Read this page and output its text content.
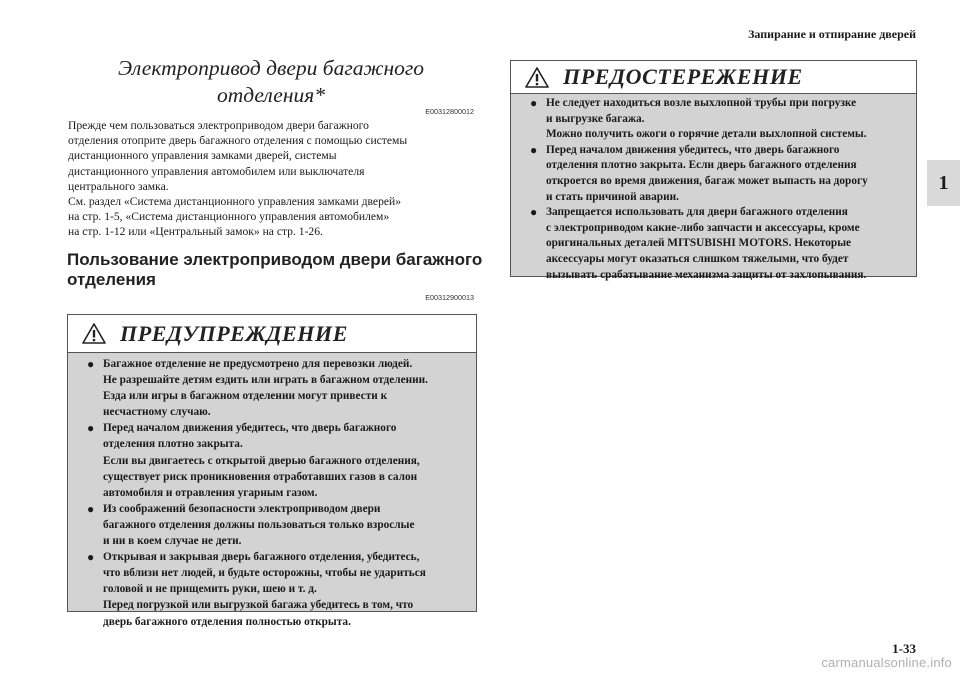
Запирание и отпирание дверей
1
Электропривод двери багажного
отделения*
E00312800012
Прежде чем пользоваться электроприводом двери багажного
отделения отоприте дверь багажного отделения с помощью системы
дистанционного управления замками дверей, системы
дистанционного управления автомобилем или выключателя
центрального замка.
См. раздел «Система дистанционного управления замками дверей»
на стр. 1-5, «Система дистанционного управления автомобилем»
на стр. 1-12 или «Центральный замок» на стр. 1-26.
Пользование электроприводом двери багажного
отделения
E00312900013
ПРЕДУПРЕЖДЕНИЕ
● Багажное отделение не предусмотрено для перевозки людей.
Не разрешайте детям ездить или играть в багажном отделении.
Езда или игры в багажном отделении могут привести к
несчастному случаю.
● Перед началом движения убедитесь, что дверь багажного
отделения плотно закрыта.
Если вы двигаетесь с открытой дверью багажного отделения,
существует риск проникновения отработавших газов в салон
автомобиля и отравления угарным газом.
● Из соображений безопасности электроприводом двери
багажного отделения должны пользоваться только взрослые
и ни в коем случае не дети.
● Открывая и закрывая дверь багажного отделения, убедитесь,
что вблизи нет людей, и будьте осторожны, чтобы не удариться
головой и не прищемить руки, шею и т. д.
Перед погрузкой или выгрузкой багажа убедитесь в том, что
дверь багажного отделения полностью открыта.
ПРЕДОСТЕРЕЖЕНИЕ
● Не следует находиться возле выхлопной трубы при погрузке
и выгрузке багажа.
Можно получить ожоги о горячие детали выхлопной системы.
● Перед началом движения убедитесь, что дверь багажного
отделения плотно закрыта. Если дверь багажного отделения
откроется во время движения, багаж может выпасть на дорогу
и стать причиной аварии.
● Запрещается использовать для двери багажного отделения
с электроприводом какие-либо запчасти и аксессуары, кроме
оригинальных деталей MITSUBISHI MOTORS. Некоторые
аксессуары могут оказаться слишком тяжелыми, что будет
вызывать срабатывание механизма защиты от захлопывания.
1-33
carmanualsonline.info
